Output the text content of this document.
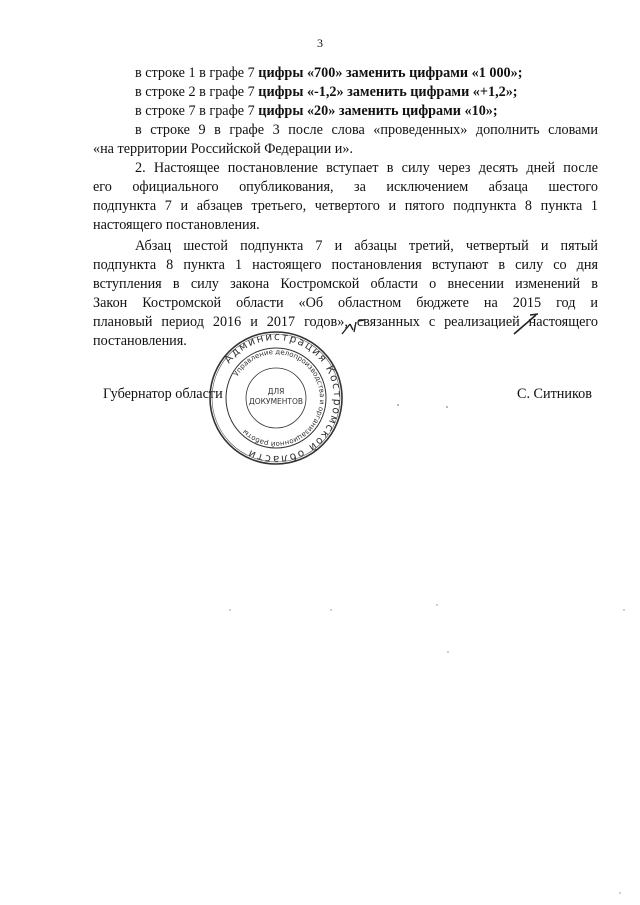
3
в строке 1 в графе 7 цифры «700» заменить цифрами «1 000»;
в строке 2 в графе 7 цифры «-1,2» заменить цифрами «+1,2»;
в строке 7 в графе 7 цифры «20» заменить цифрами «10»;
в строке 9 в графе 3 после слова «проведенных» дополнить словами
«на территории Российской Федерации и».
2. Настоящее постановление вступает в силу через десять дней после
его официального опубликования, за исключением абзаца шестого
подпункта 7 и абзацев третьего, четвертого и пятого подпункта 8 пункта 1
настоящего постановления.
Абзац шестой подпункта 7 и абзацы третий, четвертый и пятый
подпункта 8 пункта 1 настоящего постановления вступают в силу со дня
вступления в силу закона Костромской области о внесении изменений в
Закон Костромской области «Об областном бюджете на 2015 год и
плановый период 2016 и 2017 годов», связанных с реализацией настоящего
постановления.
Губернатор области	С. Ситников
Администрация Костромской области
Управление делопроизводства и организационной работы
ДЛЯ
ДОКУМЕНТОВ
